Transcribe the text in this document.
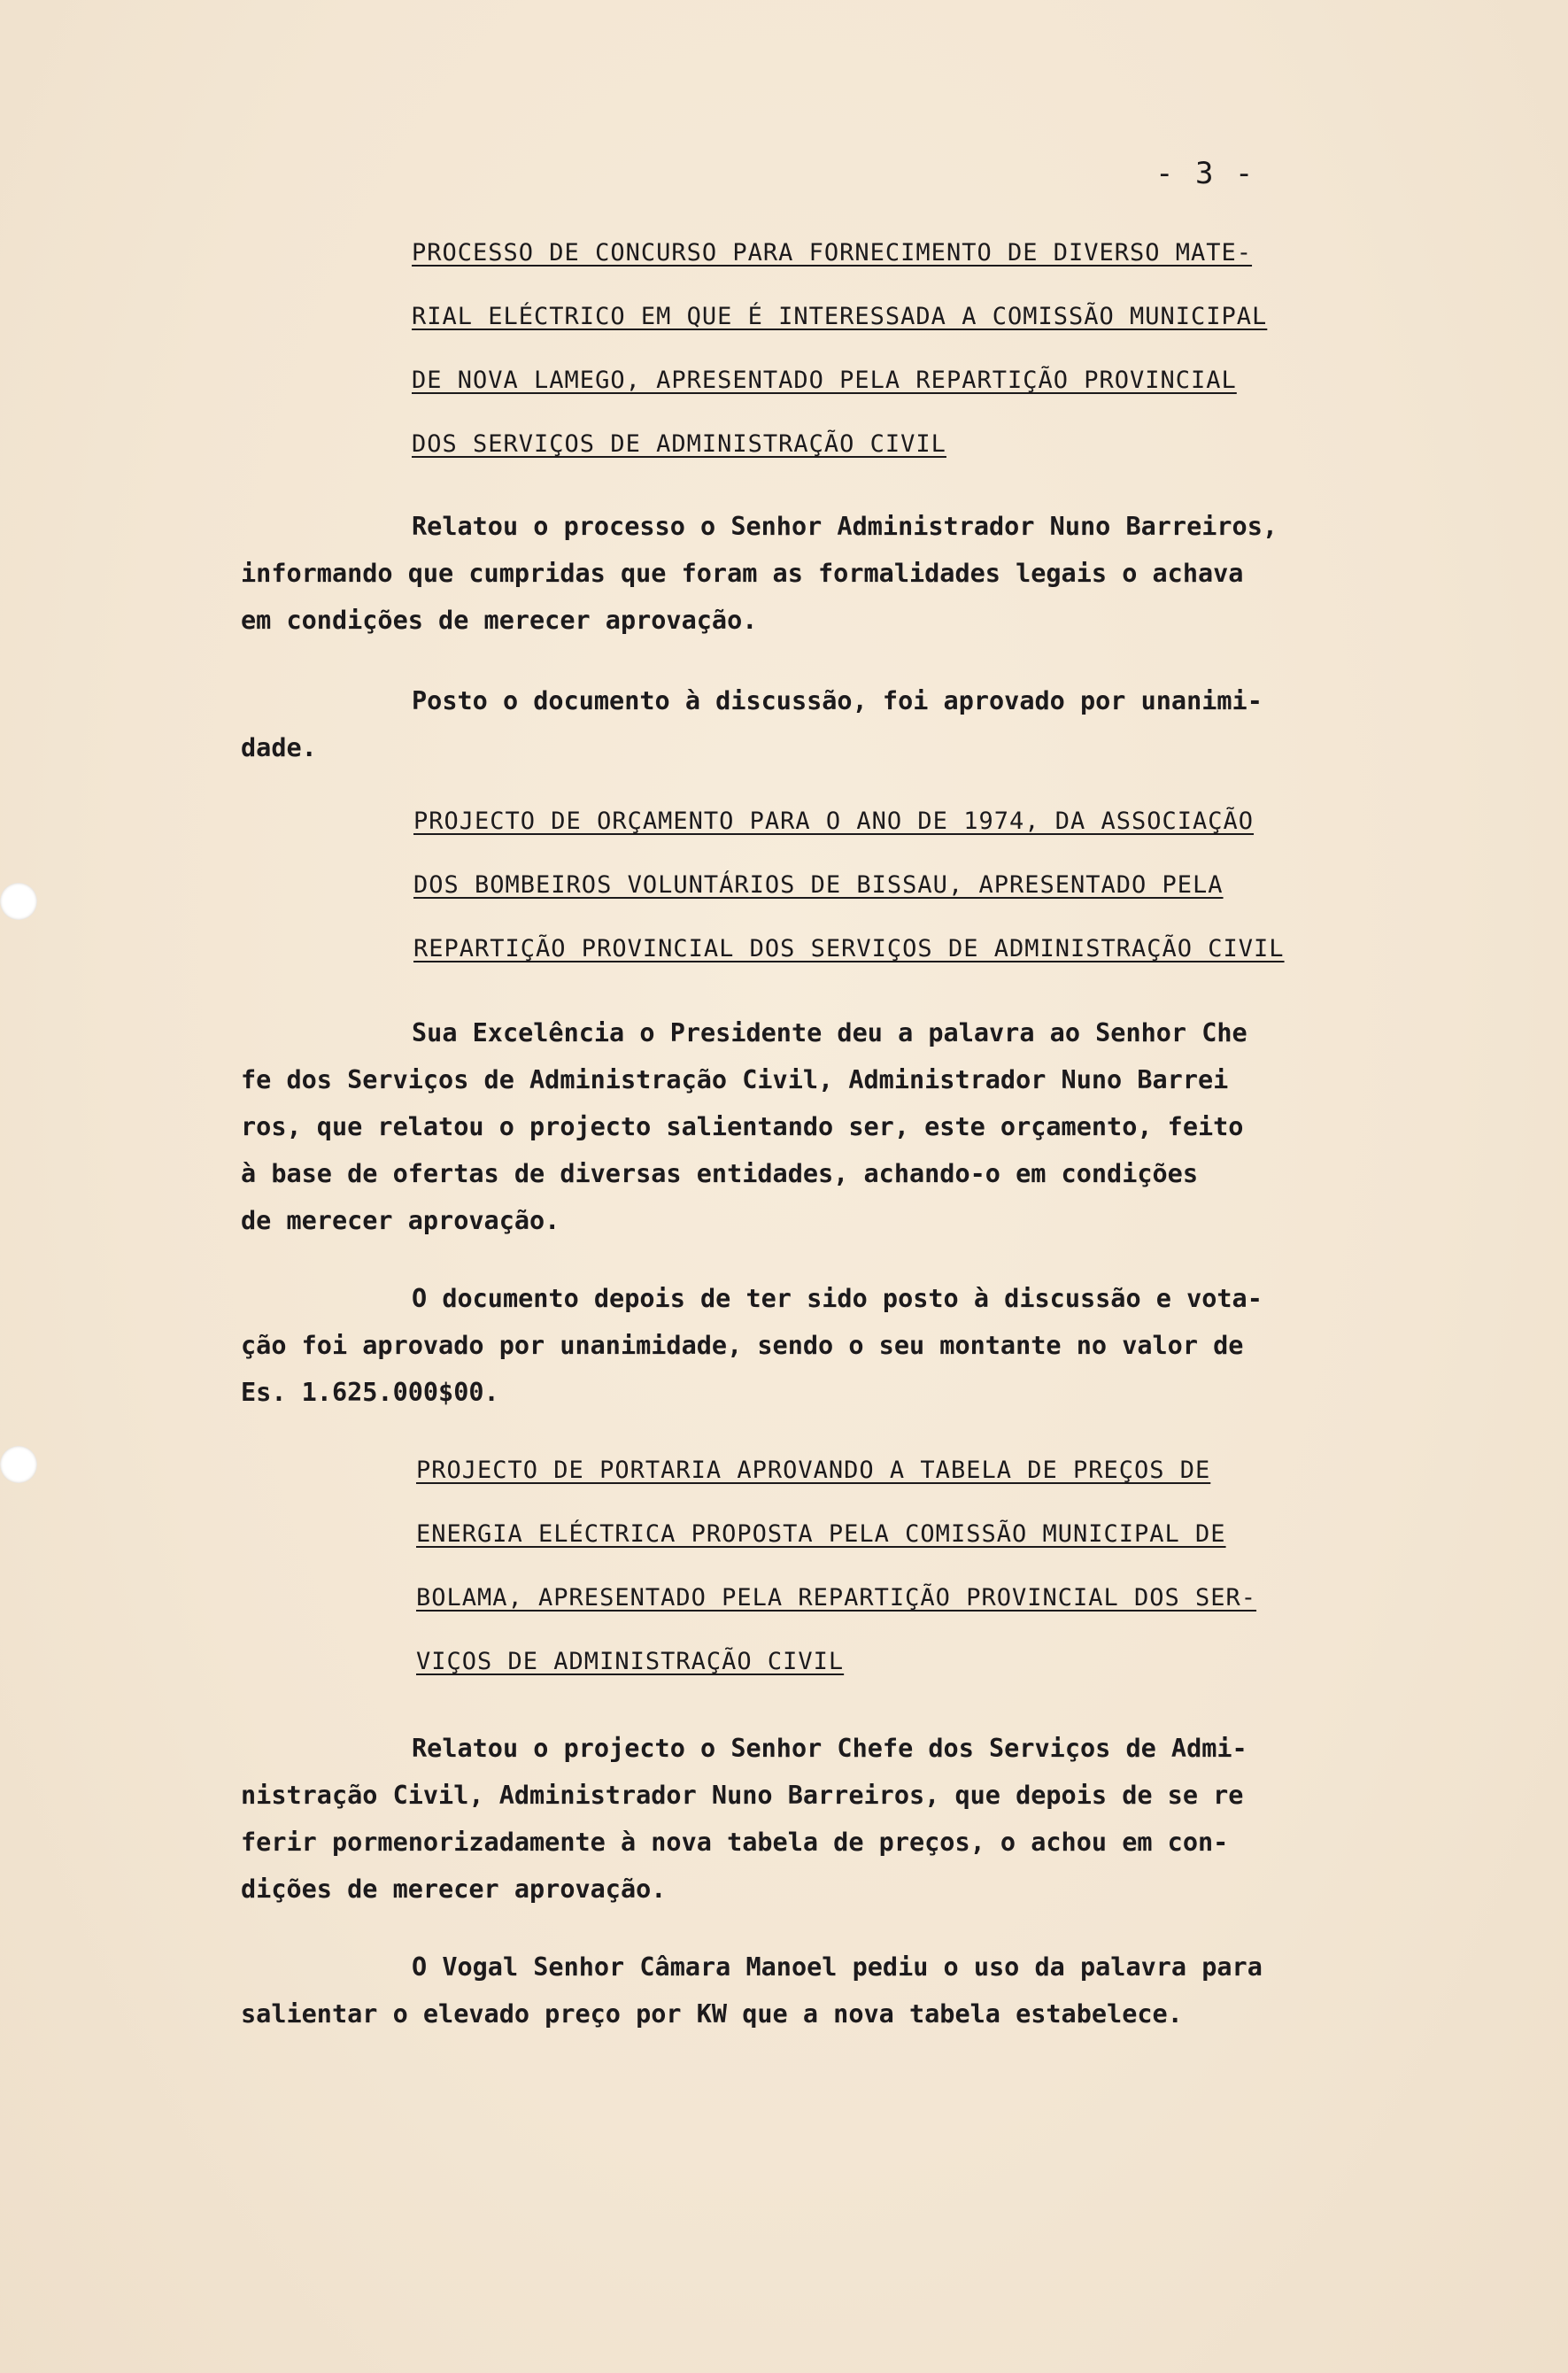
- 3 -
PROCESSO DE CONCURSO PARA FORNECIMENTO DE DIVERSO MATE-
RIAL ELÉCTRICO EM QUE É INTERESSADA A COMISSÃO MUNICIPAL
DE NOVA LAMEGO, APRESENTADO PELA REPARTIÇÃO PROVINCIAL
DOS SERVIÇOS DE ADMINISTRAÇÃO CIVIL

Relatou o processo o Senhor Administrador Nuno Barreiros,
informando que cumpridas que foram as formalidades legais o achava
em condições de merecer aprovação.

Posto o documento à discussão, foi aprovado por unanimi-
dade.

PROJECTO DE ORÇAMENTO PARA O ANO DE 1974, DA ASSOCIAÇÃO
DOS BOMBEIROS VOLUNTÁRIOS DE BISSAU, APRESENTADO PELA
REPARTIÇÃO PROVINCIAL DOS SERVIÇOS DE ADMINISTRAÇÃO CIVIL

Sua Excelência o Presidente deu a palavra ao Senhor Che
fe dos Serviços de Administração Civil, Administrador Nuno Barrei
ros, que relatou o projecto salientando ser, este orçamento, feito
à base de ofertas de diversas entidades, achando-o em condições
de merecer aprovação.

O documento depois de ter sido posto à discussão e vota-
ção foi aprovado por unanimidade, sendo o seu montante no valor de
Es. 1.625.000$00.

PROJECTO DE PORTARIA APROVANDO A TABELA DE PREÇOS DE
ENERGIA ELÉCTRICA PROPOSTA PELA COMISSÃO MUNICIPAL DE
BOLAMA, APRESENTADO PELA REPARTIÇÃO PROVINCIAL DOS SER-
VIÇOS DE ADMINISTRAÇÃO CIVIL

Relatou o projecto o Senhor Chefe dos Serviços de Admi-
nistração Civil, Administrador Nuno Barreiros, que depois de se re
ferir pormenorizadamente à nova tabela de preços, o achou em con-
dições de merecer aprovação.

O Vogal Senhor Câmara Manoel pediu o uso da palavra para
salientar o elevado preço por KW que a nova tabela estabelece.
